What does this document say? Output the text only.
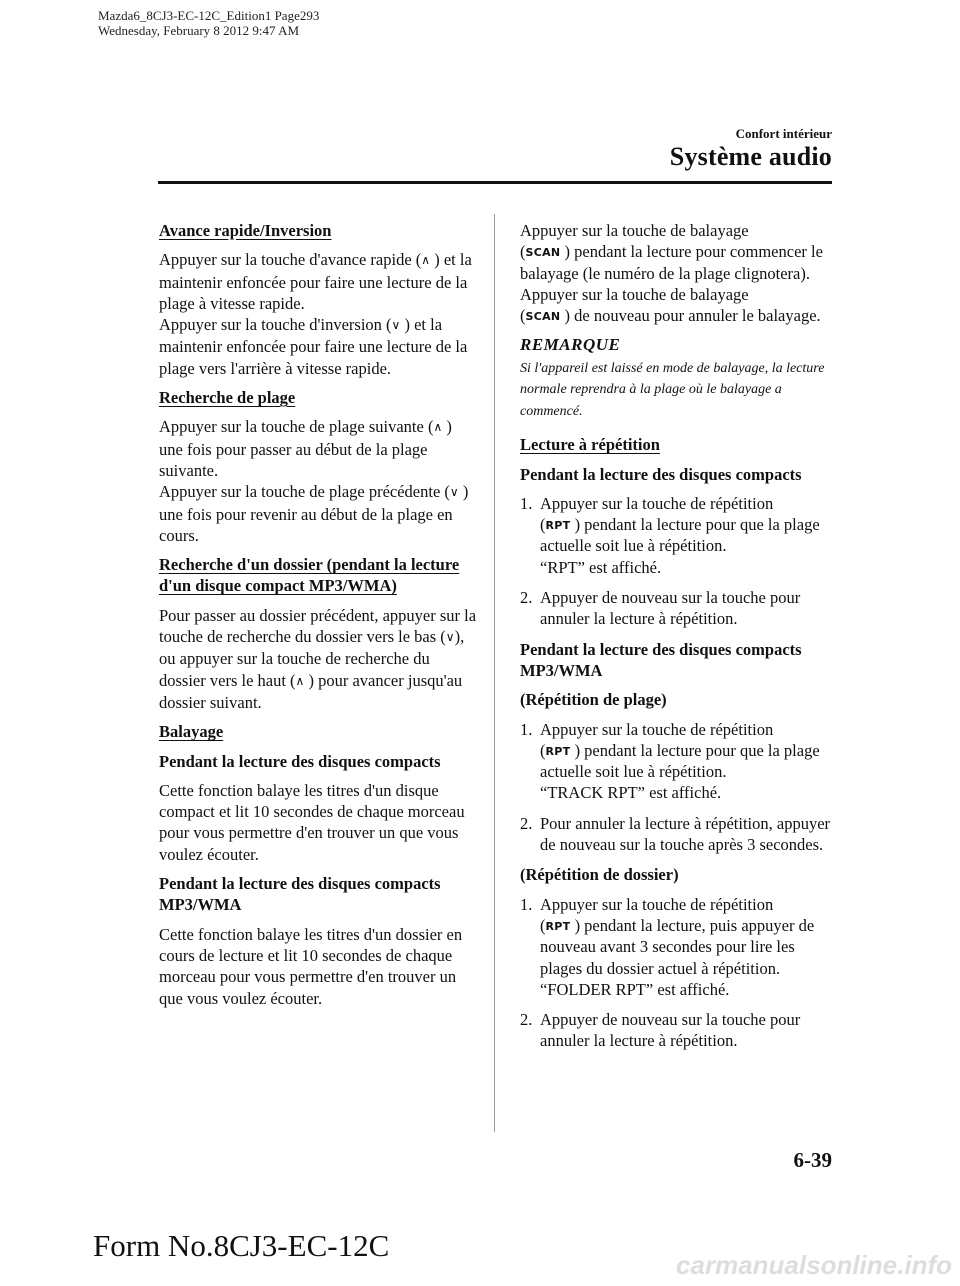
Mazda6_8CJ3-EC-12C_Edition1 Page293
Wednesday, February 8 2012 9:47 AM
Confort intérieur
Système audio
Avance rapide/Inversion
Appuyer sur la touche d'avance rapide (∧ ) et la maintenir enfoncée pour faire une lecture de la plage à vitesse rapide.
Appuyer sur la touche d'inversion (∨ ) et la maintenir enfoncée pour faire une lecture de la plage vers l'arrière à vitesse rapide.
Recherche de plage
Appuyer sur la touche de plage suivante (∧ ) une fois pour passer au début de la plage suivante.
Appuyer sur la touche de plage précédente (∨ ) une fois pour revenir au début de la plage en cours.
Recherche d'un dossier (pendant la lecture d'un disque compact MP3/WMA)
Pour passer au dossier précédent, appuyer sur la touche de recherche du dossier vers le bas (∨), ou appuyer sur la touche de recherche du dossier vers le haut (∧ ) pour avancer jusqu'au dossier suivant.
Balayage
Pendant la lecture des disques compacts
Cette fonction balaye les titres d'un disque compact et lit 10 secondes de chaque morceau pour vous permettre d'en trouver un que vous voulez écouter.
Pendant la lecture des disques compacts MP3/WMA
Cette fonction balaye les titres d'un dossier en cours de lecture et lit 10 secondes de chaque morceau pour vous permettre d'en trouver un que vous voulez écouter.
Appuyer sur la touche de balayage
(SCAN ) pendant la lecture pour commencer le balayage (le numéro de la plage clignotera).
Appuyer sur la touche de balayage
(SCAN ) de nouveau pour annuler le balayage.
REMARQUE
Si l'appareil est laissé en mode de balayage, la lecture normale reprendra à la plage où le balayage a commencé.
Lecture à répétition
Pendant la lecture des disques compacts
1. Appuyer sur la touche de répétition
(RPT ) pendant la lecture pour que la plage actuelle soit lue à répétition.
“RPT” est affiché.
2. Appuyer de nouveau sur la touche pour annuler la lecture à répétition.
Pendant la lecture des disques compacts MP3/WMA
(Répétition de plage)
1. Appuyer sur la touche de répétition
(RPT ) pendant la lecture pour que la plage actuelle soit lue à répétition.
“TRACK RPT” est affiché.
2. Pour annuler la lecture à répétition, appuyer de nouveau sur la touche après 3 secondes.
(Répétition de dossier)
1. Appuyer sur la touche de répétition
(RPT ) pendant la lecture, puis appuyer de nouveau avant 3 secondes pour lire les plages du dossier actuel à répétition.
“FOLDER RPT” est affiché.
2. Appuyer de nouveau sur la touche pour annuler la lecture à répétition.
6-39
Form No.8CJ3-EC-12C
carmanualsonline.info
